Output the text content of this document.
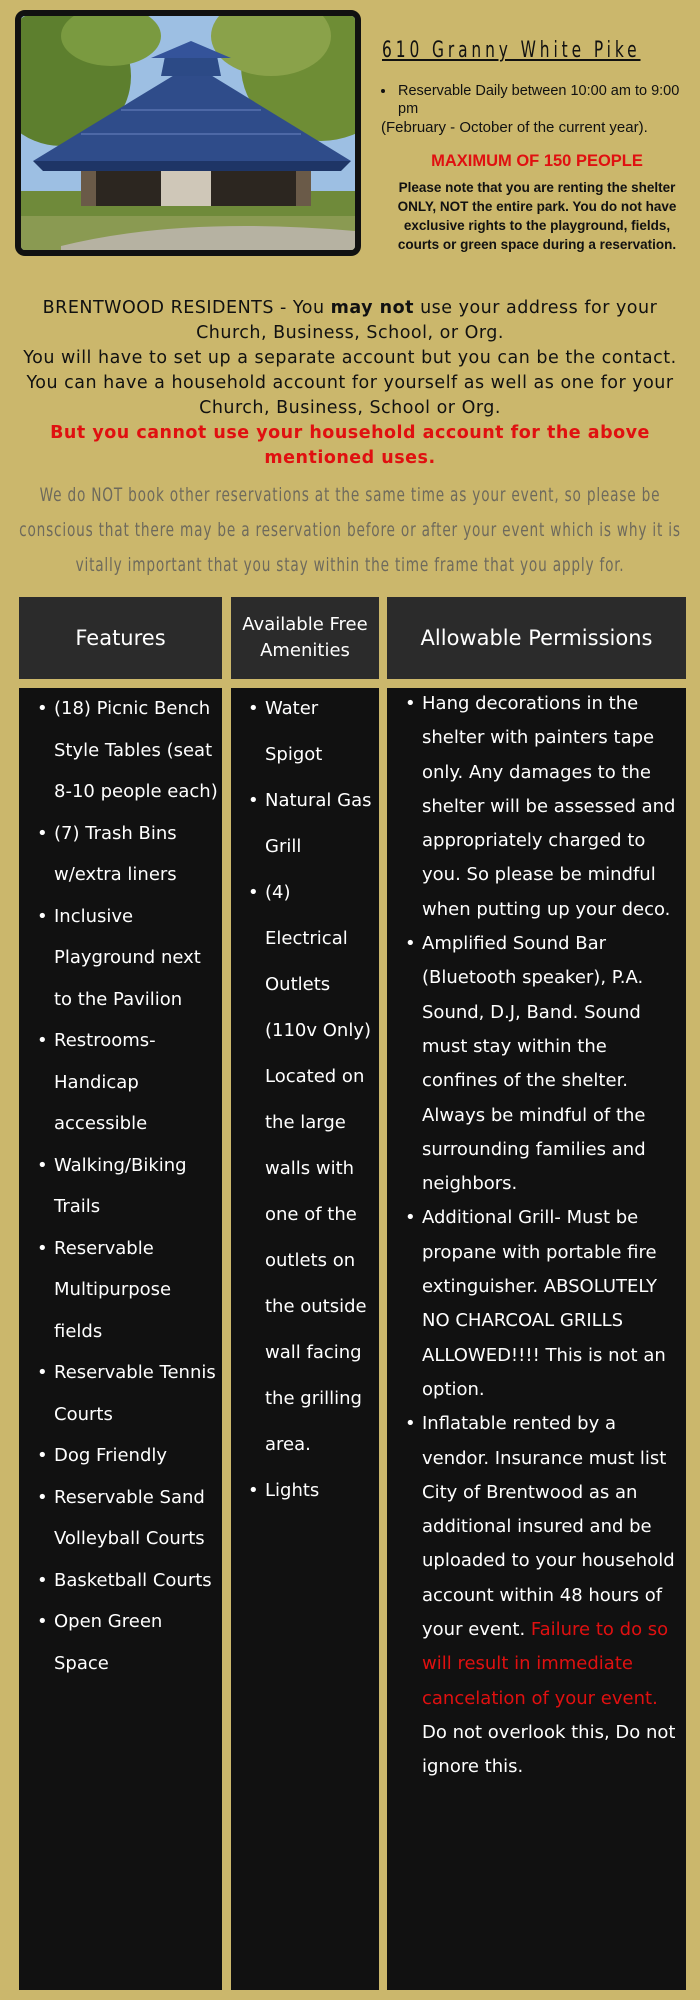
610 Granny White Pike
• Reservable Daily between 10:00 am to 9:00 pm
(February - October of the current year).
MAXIMUM OF 150 PEOPLE
Please note that you are renting the shelter ONLY, NOT the entire park. You do not have exclusive rights to the playground, fields, courts or green space during a reservation.
BRENTWOOD RESIDENTS - You may not use your address for your Church, Business, School, or Org.
You will have to set up a separate account but you can be the contact. You can have a household account for yourself as well as one for your Church, Business, School or Org.
But you cannot use your household account for the above mentioned uses.
We do NOT book other reservations at the same time as your event, so please be conscious that there may be a reservation before or after your event which is why it is vitally important that you stay within the time frame that you apply for.
Features
Available Free Amenities
Allowable Permissions
• (18) Picnic Bench Style Tables (seat 8-10 people each)
• (7) Trash Bins w/extra liners
• Inclusive Playground next to the Pavilion
• Restrooms-Handicap accessible
• Walking/Biking Trails
• Reservable Multipurpose fields
• Reservable Tennis Courts
• Dog Friendly
• Reservable Sand Volleyball Courts
• Basketball Courts
• Open Green Space
• Water Spigot
• Natural Gas Grill
• (4) Electrical Outlets (110v Only) Located on the large walls with one of the outlets on the outside wall facing the grilling area.
• Lights
• Hang decorations in the shelter with painters tape only. Any damages to the shelter will be assessed and appropriately charged to you. So please be mindful when putting up your deco.
• Amplified Sound Bar (Bluetooth speaker), P.A. Sound, D.J, Band. Sound must stay within the confines of the shelter. Always be mindful of the surrounding families and neighbors.
• Additional Grill- Must be propane with portable fire extinguisher. ABSOLUTELY NO CHARCOAL GRILLS ALLOWED!!!! This is not an option.
• Inflatable rented by a vendor. Insurance must list City of Brentwood as an additional insured and be uploaded to your household account within 48 hours of your event. Failure to do so will result in immediate cancelation of your event. Do not overlook this, Do not ignore this.
